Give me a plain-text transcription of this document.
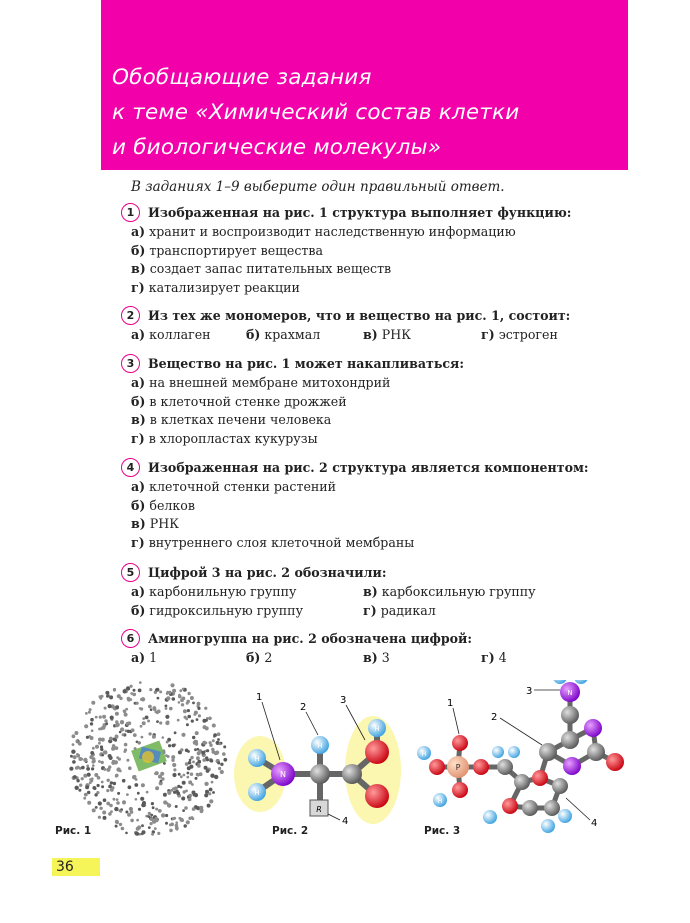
Обобщающие задания
к теме «Химический состав клетки
и биологические молекулы»
В заданиях 1–9 выберите один правильный ответ.
1	Изображенная на рис. 1 структура выполняет функцию:
а) хранит и воспроизводит наследственную информацию
б) транспортирует вещества
в) создает запас питательных веществ
г) катализирует реакции
2	Из тех же мономеров, что и вещество на рис. 1, состоит:
а) коллаген	б) крахмал	в) РНК	г) эстроген
3	Вещество на рис. 1 может накапливаться:
а) на внешней мембране митохондрий
б) в клеточной стенке дрожжей
в) в клетках печени человека
г) в хлоропластах кукурузы
4	Изображенная на рис. 2 структура является компонентом:
а) клеточной стенки растений
б) белков
в) РНК
г) внутреннего слоя клеточной мембраны
5	Цифрой 3 на рис. 2 обозначили:
а) карбонильную группу	в) карбоксильную группу
б) гидроксильную группу	г) радикал
6	Аминогруппа на рис. 2 обозначена цифрой:
а) 1	б) 2	в) 3	г) 4
R
H
H
N
H
H
1
2
3
4
P
H
H
N
1
2
3
4
Рис. 1	Рис. 2	Рис. 3
36
